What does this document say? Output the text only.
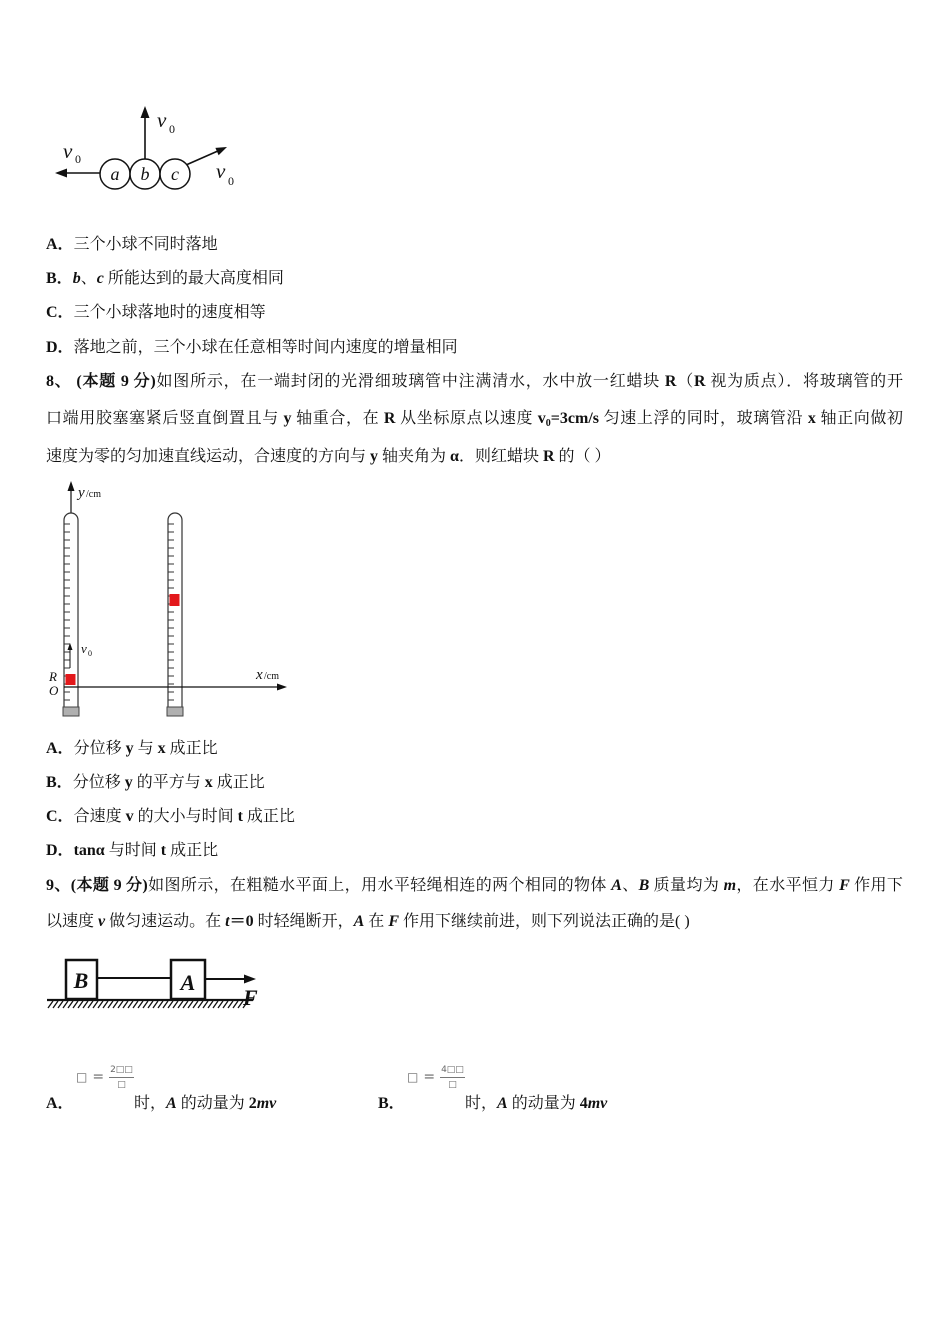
a b c
v 0
v 0
v 0
A．三个小球不同时落地
B．b、c 所能达到的最大高度相同
C．三个小球落地时的速度相等
D．落地之前，三个小球在任意相等时间内速度的增量相同
8、 (本题 9 分)如图所示，在一端封闭的光滑细玻璃管中注满清水，水中放一红蜡块 R（R 视为质点）．将玻璃管的开
口端用胶塞塞紧后竖直倒置且与 y 轴重合，在 R 从坐标原点以速度 v0=3cm/s 匀速上浮的同时，玻璃管沿 x 轴正向做初
速度为零的匀加速直线运动，合速度的方向与 y 轴夹角为 α．则红蜡块 R 的（ ）
y /cm
x /cm
v 0
R
O
A．分位移 y 与 x 成正比
B．分位移 y 的平方与 x 成正比
C．合速度 v 的大小与时间 t 成正比
D．tanα 与时间 t 成正比
9、(本题 9 分)如图所示，在粗糙水平面上，用水平轻绳相连的两个相同的物体 A、B 质量均为 m，在水平恒力 F 作用下
以速度 v 做匀速运动。在 t＝0 时轻绳断开，A 在 F 作用下继续前进，则下列说法正确的是( )
B	A
F
A．
□ = $\frac{2□□}{□}$
时，A 的动量为 2mv	B．
□ = $\frac{4□□}{□}$
时，A 的动量为 4mv
